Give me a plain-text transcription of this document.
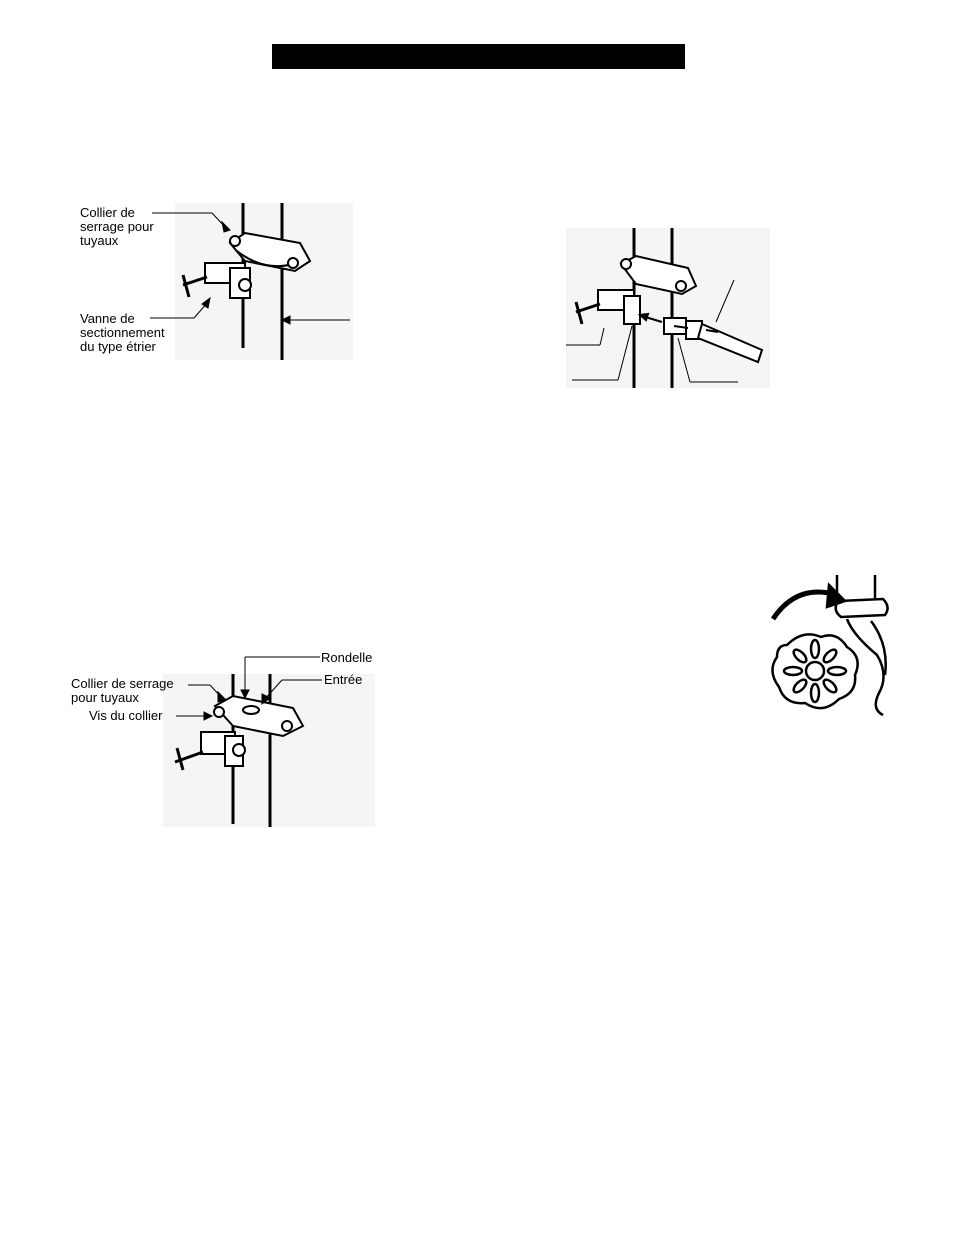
Collier de
serrage pour
tuyaux
Vanne de
sectionnement
du type étrier
Rondelle
Entrée
Collier de serrage
pour tuyaux
Vis du collier
